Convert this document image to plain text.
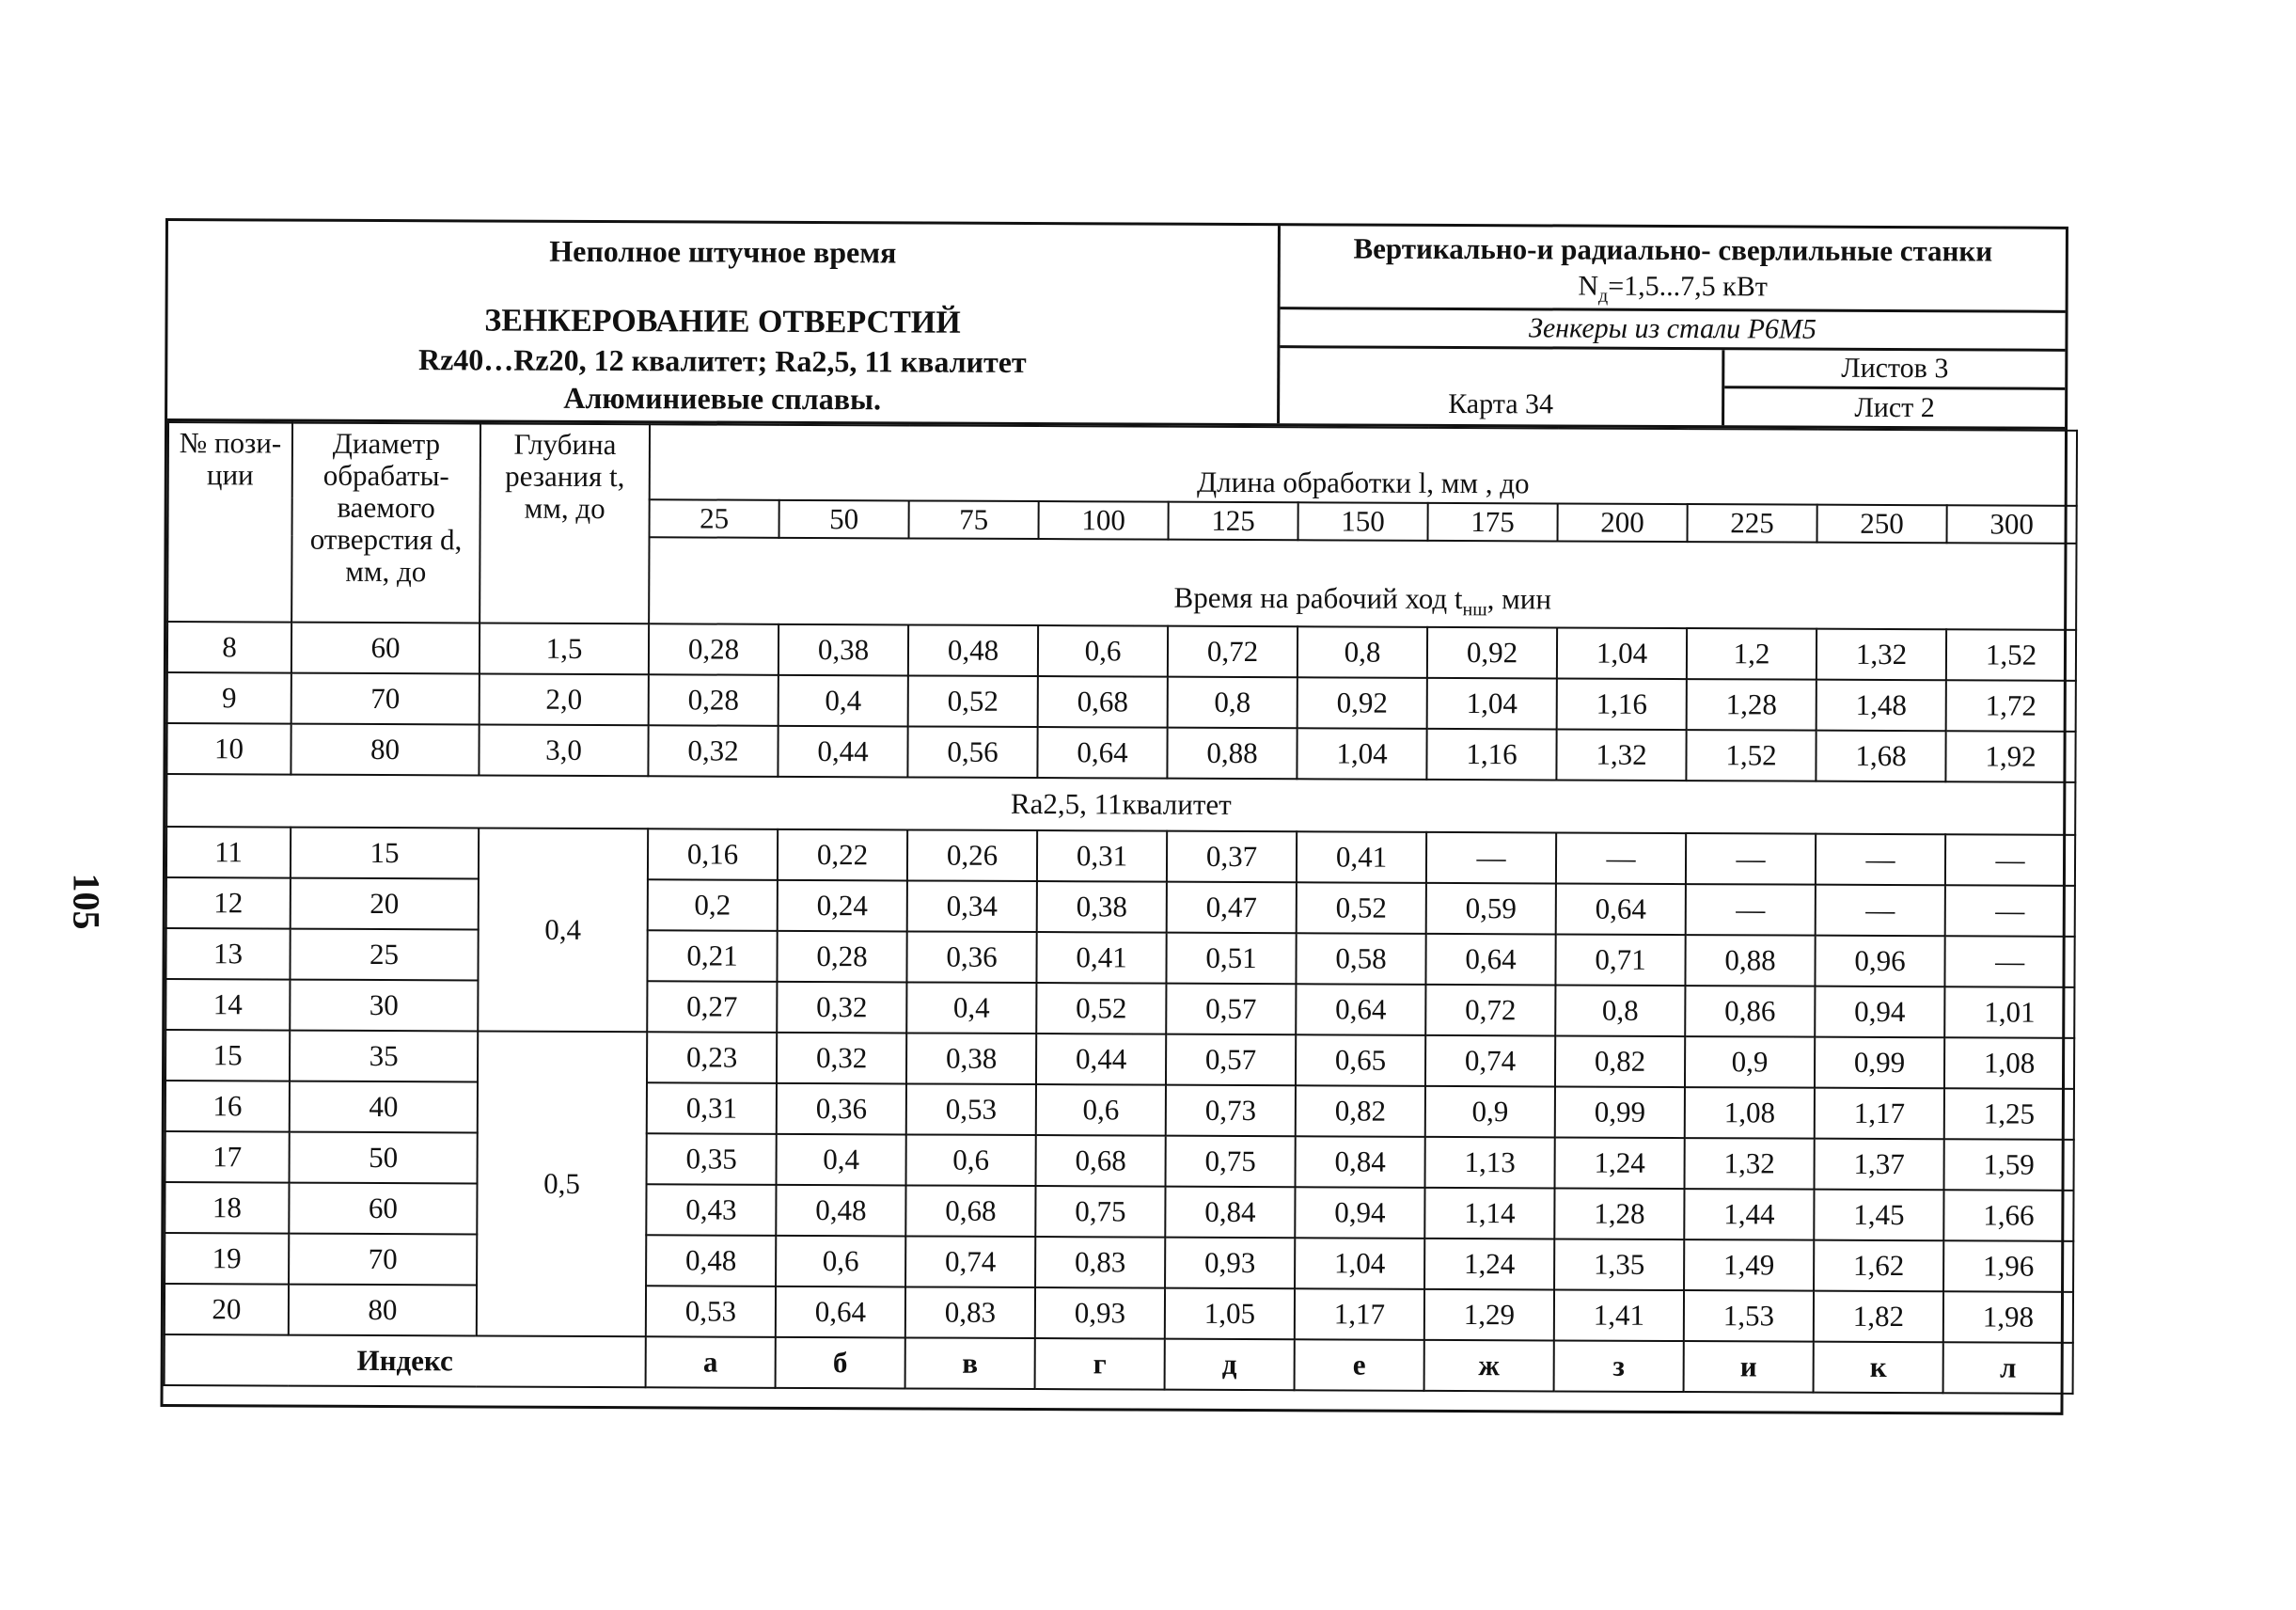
105
Неполное штучное время
ЗЕНКЕРОВАНИЕ ОТВЕРСТИЙ
Rz40…Rz20, 12 квалитет; Ra2,5, 11 квалитет
Алюминиевые сплавы.
Вертикально-и радиально- сверлильные станки
$N_д=1,5...7,5$ кВт
Зенкеры из стали Р6М5
Карта 34
Листов 3
Лист 2
№ пози-ции	Диаметр обрабаты-ваемого отверстия d, мм, до	Глубина резания t, мм, до	Длина обработки l, мм , до										
			25	50	75	100	125	150	175	200	225	250	300
			Время на рабочий ход $t_{нш}$, мин										
8	60	1,5	0,28	0,38	0,48	0,6	0,72	0,8	0,92	1,04	1,2	1,32	1,52
9	70	2,0	0,28	0,4	0,52	0,68	0,8	0,92	1,04	1,16	1,28	1,48	1,72
10	80	3,0	0,32	0,44	0,56	0,64	0,88	1,04	1,16	1,32	1,52	1,68	1,92
Ra2,5, 11квалитет													
11	15	0,4	0,16	0,22	0,26	0,31	0,37	0,41	—	—	—	—	—
12	20		0,2	0,24	0,34	0,38	0,47	0,52	0,59	0,64	—	—	—
13	25		0,21	0,28	0,36	0,41	0,51	0,58	0,64	0,71	0,88	0,96	—
14	30		0,27	0,32	0,4	0,52	0,57	0,64	0,72	0,8	0,86	0,94	1,01
15	35	0,5	0,23	0,32	0,38	0,44	0,57	0,65	0,74	0,82	0,9	0,99	1,08
16	40		0,31	0,36	0,53	0,6	0,73	0,82	0,9	0,99	1,08	1,17	1,25
17	50		0,35	0,4	0,6	0,68	0,75	0,84	1,13	1,24	1,32	1,37	1,59
18	60		0,43	0,48	0,68	0,75	0,84	0,94	1,14	1,28	1,44	1,45	1,66
19	70		0,48	0,6	0,74	0,83	0,93	1,04	1,24	1,35	1,49	1,62	1,96
20	80		0,53	0,64	0,83	0,93	1,05	1,17	1,29	1,41	1,53	1,82	1,98
Индекс			а	б	в	г	д	е	ж	з	и	к	л
